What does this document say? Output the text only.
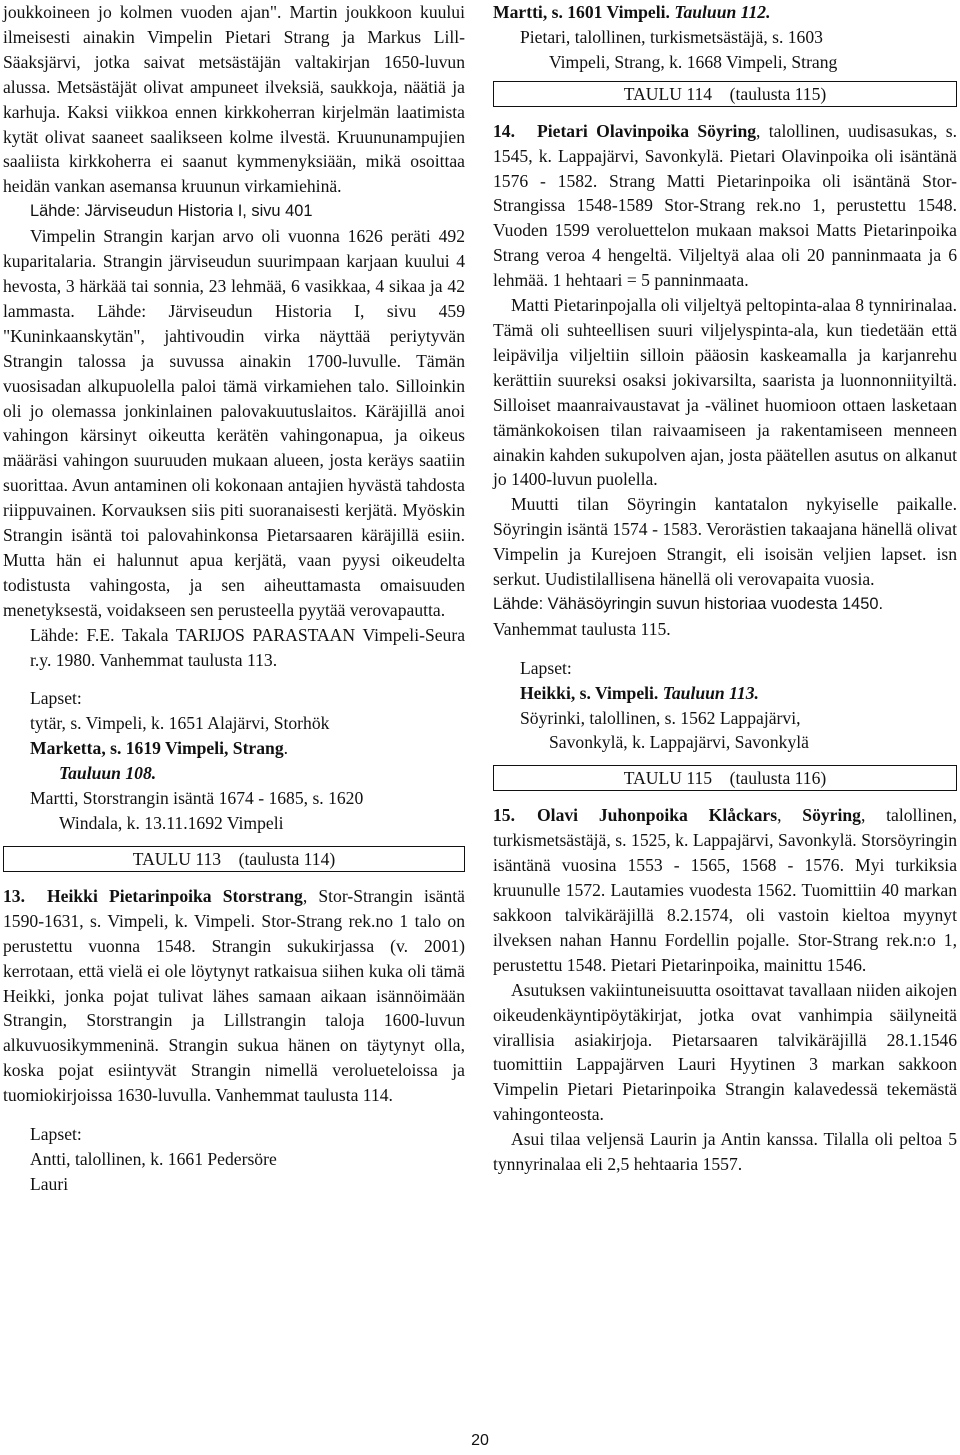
joukkoineen jo kolmen vuoden ajan". Martin joukkoon kuului ilmeisesti ainakin Vimpelin Pietari Strang ja Markus Lill-Säaksjärvi, jotka saivat metsästäjän valtakirjan 1650-luvun alussa. Metsästäjät olivat ampuneet ilveksiä, saukkoja, näätiä ja karhuja. Kaksi viikkoa ennen kirkkoherran kirjelmän laatimista kytät olivat saaneet saalikseen kolme ilvestä. Kruununampujien saaliista kirkkoherra ei saanut kymmenyksiään, mikä osoittaa heidän vankan asemansa kruunun virkamiehinä.
Lähde: Järviseudun Historia I, sivu 401
Vimpelin Strangin karjan arvo oli vuonna 1626 peräti 492 kuparitalaria. Strangin järviseudun suurimpaan karjaan kuului 4 hevosta, 3 härkää tai sonnia, 23 lehmää, 6 vasikkaa, 4 sikaa ja 42 lammasta. Lähde: Järviseudun Historia I, sivu 459 "Kuninkaanskytän", jahtivoudin virka näyttää periytyvän Strangin talossa ja suvussa ainakin 1700-luvulle. Tämän vuosisadan alkupuolella paloi tämä virkamiehen talo. Silloinkin oli jo olemassa jonkinlainen palovakuutuslaitos. Käräjillä anoi vahingon kärsinyt oikeutta kerätën vahingonapua, ja oikeus määräsi vahingon suuruuden mukaan alueen, josta keräys saatiin suorittaa. Avun antaminen oli kokonaan antajien hyvästä tahdosta riippuvainen. Korvauksen siis piti suoranaisesti kerjätä. Myöskin Strangin isäntä toi palovahinkonsa Pietarsaaren käräjillä esiin. Mutta hän ei halunnut apua kerjätä, vaan pyysi oikeudelta todistusta vahingosta, ja sen aiheuttamasta omaisuuden menetyksestä, voidakseen sen perusteella pyytää verovapautta.
Lähde: F.E. Takala TARIJOS PARASTAAN Vimpeli-Seura r.y. 1980. Vanhemmat taulusta 113.
Lapset:
tytär, s. Vimpeli, k. 1651 Alajärvi, Storhök
Marketta, s. 1619 Vimpeli, Strang.
Tauluun 108.
Martti, Storstrangin isäntä 1674 - 1685, s. 1620
Windala, k. 13.11.1692 Vimpeli
TAULU 113    (taulusta 114)
13. Heikki Pietarinpoika Storstrang, Stor-Strangin isäntä 1590-1631, s. Vimpeli, k. Vimpeli. Stor-Strang rek.no 1 talo on perustettu vuonna 1548. Strangin sukukirjassa (v. 2001) kerrotaan, että vielä ei ole löytynyt ratkaisua siihen kuka oli tämä Heikki, jonka pojat tulivat lähes samaan aikaan isännöimään Strangin, Storstrangin ja Lillstrangin taloja 1600-luvun alkuvuosikymmeninä. Strangin sukua hänen on täytynyt olla, koska pojat esiintyvät Strangin nimellä verolueteloissa ja tuomiokirjoissa 1630-luvulla. Vanhemmat taulusta 114.
Lapset:
Antti, talollinen, k. 1661 Pedersöre
Lauri
Martti, s. 1601 Vimpeli. Tauluun 112.
Pietari, talollinen, turkismetsästäjä, s. 1603
Vimpeli, Strang, k. 1668 Vimpeli, Strang
TAULU 114    (taulusta 115)
14. Pietari Olavinpoika Söyring, talollinen, uudisasukas, s. 1545, k. Lappajärvi, Savonkylä. Pietari Olavinpoika oli isäntänä 1576 - 1582. Strang Matti Pietarinpoika oli isäntänä Stor-Strangissa 1548-1589 Stor-Strang rek.no 1, perustettu 1548. Vuoden 1599 veroluettelon mukaan maksoi Matts Pietarinpoika Strang veroa 4 hengeltä. Viljeltyä alaa oli 20 panninmaata ja 6 lehmää. 1 hehtaari = 5 panninmaata.
Matti Pietarinpojalla oli viljeltyä peltopinta-alaa 8 tynnirinalaa. Tämä oli suhteellisen suuri viljelyspinta-ala, kun tiedetään että leipävilja viljeltiin silloin pääosin kaskeamalla ja karjanrehu kerättiin suureksi osaksi jokivarsilta, saarista ja luonnonniityiltä. Silloiset maanraivaustavat ja -välinet huomioon ottaen lasketaan tämänkokoisen tilan raivaamiseen ja rakentamiseen menneen ainakin kahden sukupolven ajan, josta päätellen asutus on alkanut jo 1400-luvun puolella.
Muutti tilan Söyringin kantatalon nykyiselle paikalle. Söyringin isäntä 1574 - 1583. Verorästien takaajana hänellä olivat Vimpelin ja Kurejoen Strangit, eli isoisän veljien lapset. isn serkut. Uudistilallisena hänellä oli verovapaita vuosia.
Lähde: Vähäsöyringin suvun historiaa vuodesta 1450.
Vanhemmat taulusta 115.
Lapset:
Heikki, s. Vimpeli. Tauluun 113.
Söyrinki, talollinen, s. 1562 Lappajärvi,
Savonkylä, k. Lappajärvi, Savonkylä
TAULU 115    (taulusta 116)
15. Olavi Juhonpoika Klåckars, Söyring, talollinen, turkismetsästäjä, s. 1525, k. Lappajärvi, Savonkylä. Storsöyringin isäntänä vuosina 1553 - 1565, 1568 - 1576. Myi turkiksia kruunulle 1572. Lautamies vuodesta 1562. Tuomittiin 40 markan sakkoon talvikäräjillä 8.2.1574, oli vastoin kieltoa myynyt ilveksen nahan Hannu Fordellin pojalle. Stor-Strang rek.n:o 1, perustettu 1548. Pietari Pietarinpoika, mainittu 1546.
Asutuksen vakiintuneisuutta osoittavat tavallaan niiden aikojen oikeudenkäyntipöytäkirjat, jotka ovat vanhimpia säilyneitä virallisia asiakirjoja. Pietarsaaren talvikäräjillä 28.1.1546 tuomittiin Lappajärven Lauri Hyytinen 3 markan sakkoon Vimpelin Pietari Pietarinpoika Strangin kalavedessä tekemästä vahingonteosta.
Asui tilaa veljensä Laurin ja Antin kanssa. Tilalla oli peltoa 5 tynnyrinalaa eli 2,5 hehtaaria 1557.
20
